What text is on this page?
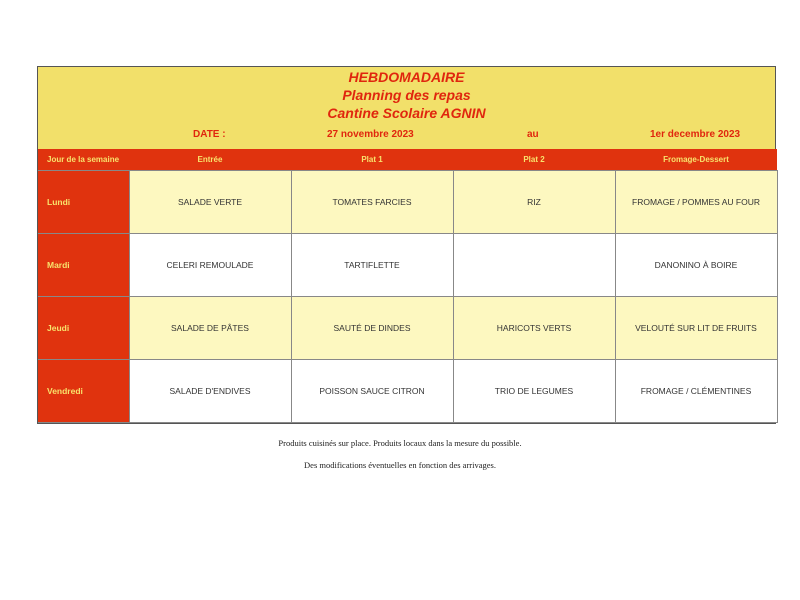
HEBDOMADAIRE
Planning des repas
Cantine Scolaire AGNIN
DATE :	27 novembre 2023	au	1er decembre 2023
Jour de la semaine	Entrée	Plat 1	Plat 2	Fromage-Dessert
Lundi	SALADE VERTE	TOMATES FARCIES	RIZ	FROMAGE / POMMES AU FOUR
Mardi	CELERI REMOULADE	TARTIFLETTE		DANONINO À BOIRE
Jeudi	SALADE DE PÂTES	SAUTÉ DE DINDES	HARICOTS VERTS	VELOUTÉ SUR LIT DE FRUITS
Vendredi	SALADE D'ENDIVES	POISSON SAUCE CITRON	TRIO DE LEGUMES	FROMAGE / CLÉMENTINES
Produits cuisinés sur place. Produits locaux dans la mesure du possible.
Des modifications éventuelles en fonction des arrivages.
